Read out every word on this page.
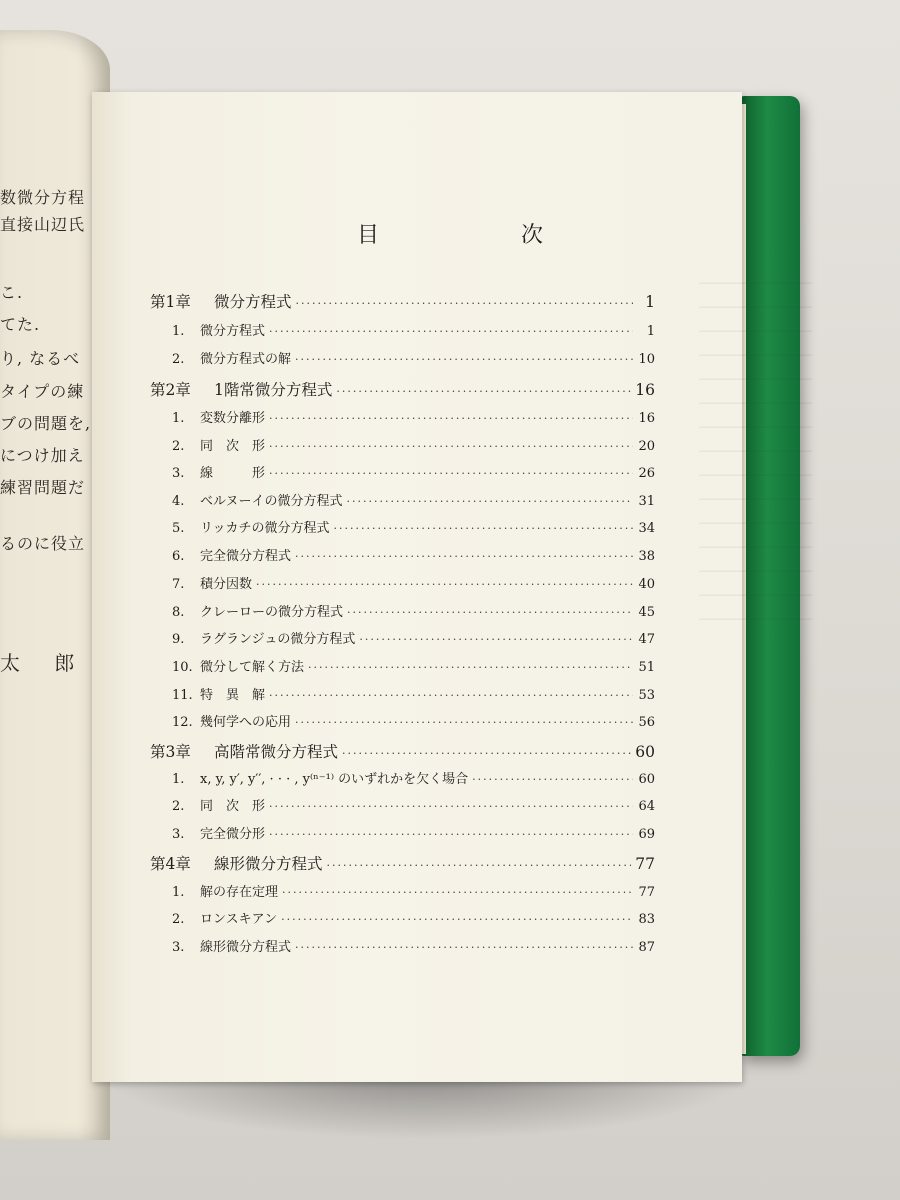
数微分方程
直接山辺氏
こ.
てた.
り, なるべ
タイプの練
ブの問題を,
につけ加え
練習問題だ
るのに役立
太 郎
─────────────────
─────────────────
─────────────────
─────────────────
─────────────────
─────────────────
─────────────────
─────────────────
─────────────────
─────────────────
─────────────────
─────────────────
─────────────────
─────────────────
─────────────────
目　次
第1章	微分方程式 ·····	1
1.	微分方程式 ·····	1
2.	微分方程式の解 ·····	10
第2章	1階常微分方程式 ·····	16
1.	変数分離形 ·····	16
2.	同　次　形 ·····	20
3.	線　　　形 ·····	26
4.	ベルヌーイの微分方程式 ·····	31
5.	リッカチの微分方程式 ·····	34
6.	完全微分方程式 ·····	38
7.	積分因数 ·····	40
8.	クレーローの微分方程式 ·····	45
9.	ラグランジュの微分方程式 ·····	47
10. 微分して解く方法 ·····	51
11. 特　異　解 ·····	53
12. 幾何学への応用 ·····	56
第3章	高階常微分方程式 ·····	60
1.	x, y, y′, y′′, · · · , y⁽ⁿ⁻¹⁾ のいずれかを欠く場合 ·····	60
2.	同　次　形 ·····	64
3.	完全微分形 ·····	69
第4章	線形微分方程式 ·····	77
1.	解の存在定理 ·····	77
2.	ロンスキアン ·····	83
3.	線形微分方程式 ·····	87
